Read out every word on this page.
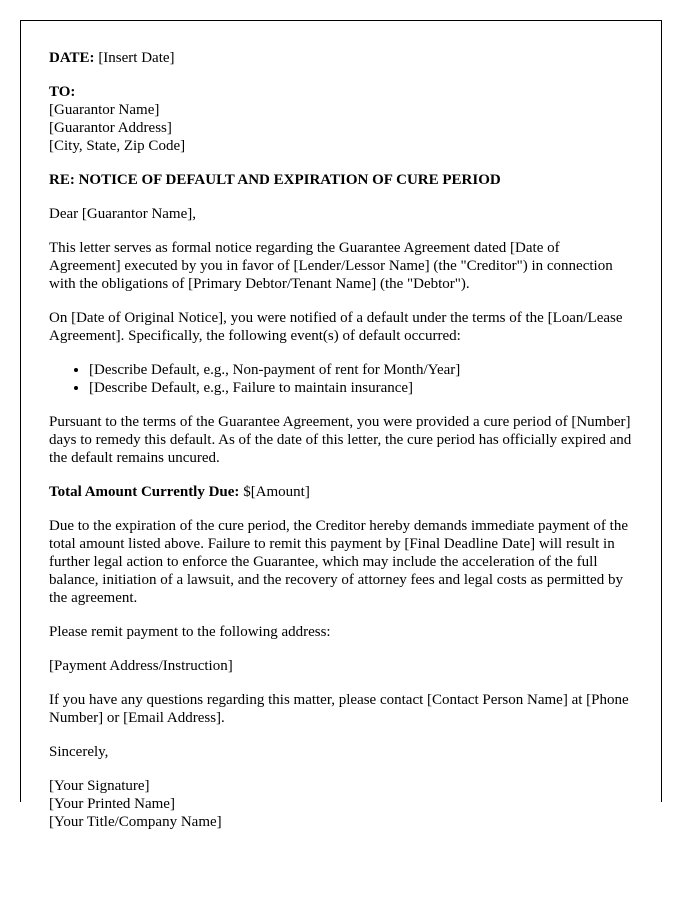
DATE: [Insert Date]

TO:
[Guarantor Name]
[Guarantor Address]
[City, State, Zip Code]

RE: NOTICE OF DEFAULT AND EXPIRATION OF CURE PERIOD

Dear [Guarantor Name],

This letter serves as formal notice regarding the Guarantee Agreement dated [Date of Agreement] executed by you in favor of [Lender/Lessor Name] (the "Creditor") in connection with the obligations of [Primary Debtor/Tenant Name] (the "Debtor").

On [Date of Original Notice], you were notified of a default under the terms of the [Loan/Lease Agreement]. Specifically, the following event(s) of default occurred:

• [Describe Default, e.g., Non-payment of rent for Month/Year]
• [Describe Default, e.g., Failure to maintain insurance]

Pursuant to the terms of the Guarantee Agreement, you were provided a cure period of [Number] days to remedy this default. As of the date of this letter, the cure period has officially expired and the default remains uncured.

Total Amount Currently Due: $[Amount]

Due to the expiration of the cure period, the Creditor hereby demands immediate payment of the total amount listed above. Failure to remit this payment by [Final Deadline Date] will result in further legal action to enforce the Guarantee, which may include the acceleration of the full balance, initiation of a lawsuit, and the recovery of attorney fees and legal costs as permitted by the agreement.

Please remit payment to the following address:

[Payment Address/Instruction]

If you have any questions regarding this matter, please contact [Contact Person Name] at [Phone Number] or [Email Address].

Sincerely,

[Your Signature]
[Your Printed Name]
[Your Title/Company Name]
